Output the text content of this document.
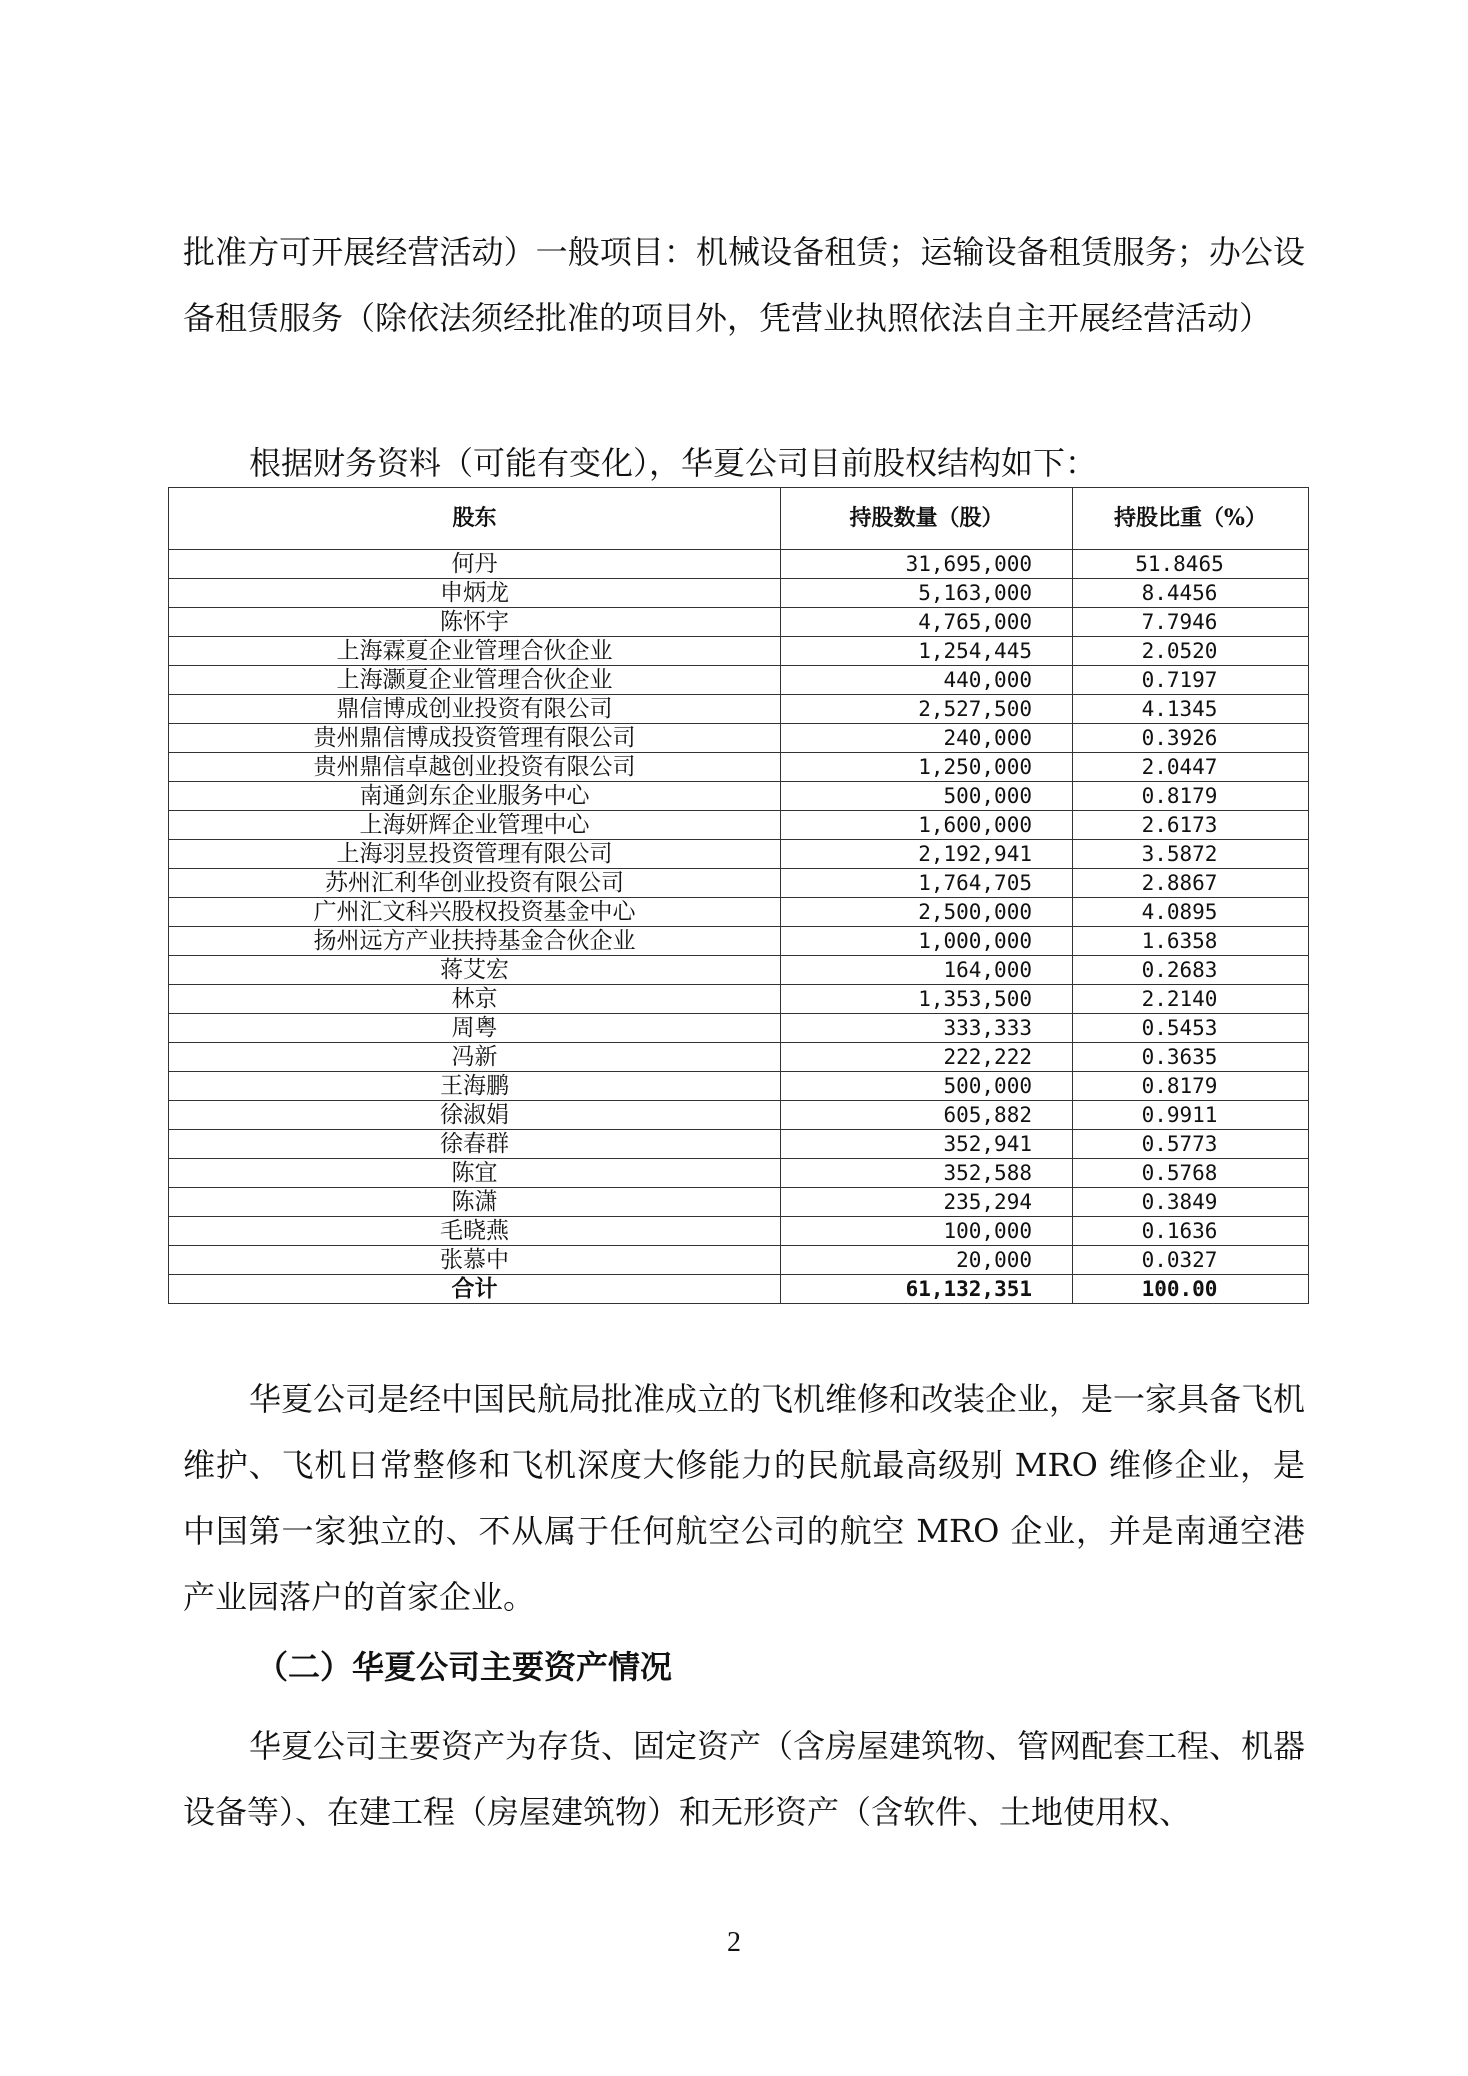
批准方可开展经营活动）一般项目：机械设备租赁；运输设备租赁服务；办公设备租赁服务（除依法须经批准的项目外，凭营业执照依法自主开展经营活动）

根据财务资料（可能有变化），华夏公司目前股权结构如下：

股东	持股数量（股）	持股比重（%）
何丹	31,695,000	51.8465
申炳龙	5,163,000	8.4456
陈怀宇	4,765,000	7.7946
上海霖夏企业管理合伙企业	1,254,445	2.0520
上海灏夏企业管理合伙企业	440,000	0.7197
鼎信博成创业投资有限公司	2,527,500	4.1345
贵州鼎信博成投资管理有限公司	240,000	0.3926
贵州鼎信卓越创业投资有限公司	1,250,000	2.0447
南通剑东企业服务中心	500,000	0.8179
上海妍辉企业管理中心	1,600,000	2.6173
上海羽昱投资管理有限公司	2,192,941	3.5872
苏州汇利华创业投资有限公司	1,764,705	2.8867
广州汇文科兴股权投资基金中心	2,500,000	4.0895
扬州远方产业扶持基金合伙企业	1,000,000	1.6358
蒋艾宏	164,000	0.2683
林京	1,353,500	2.2140
周粤	333,333	0.5453
冯新	222,222	0.3635
王海鹏	500,000	0.8179
徐淑娟	605,882	0.9911
徐春群	352,941	0.5773
陈宜	352,588	0.5768
陈潇	235,294	0.3849
毛晓燕	100,000	0.1636
张慕中	20,000	0.0327
合计	61,132,351	100.00

华夏公司是经中国民航局批准成立的飞机维修和改装企业，是一家具备飞机维护、飞机日常整修和飞机深度大修能力的民航最高级别 MRO 维修企业，是中国第一家独立的、不从属于任何航空公司的航空 MRO 企业，并是南通空港产业园落户的首家企业。

（二）华夏公司主要资产情况

华夏公司主要资产为存货、固定资产（含房屋建筑物、管网配套工程、机器设备等）、在建工程（房屋建筑物）和无形资产（含软件、土地使用权、

2
